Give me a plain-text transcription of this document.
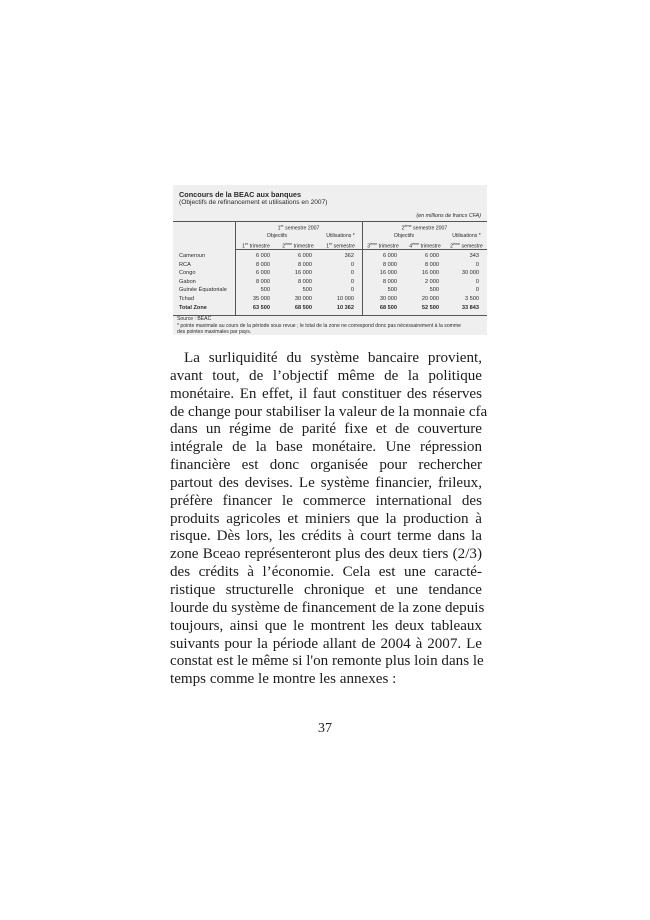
Concours de la BEAC aux banques
(Objectifs de refinancement et utilisations en 2007)
(en millions de francs CFA)
1er semestre 2007	2ème semestre 2007
Objectifs	Utilisations *	Objectifs	Utilisations *
1er trimestre	2ème trimestre	1er semestre	3ème trimestre	4ème trimestre	2ème semestre
Cameroun	6 000	6 000	362	6 000	6 000	343
RCA	8 000	8 000	0	8 000	8 000	0
Congo	6 000	16 000	0	16 000	16 000	30 000
Gabon	8 000	8 000	0	8 000	2 000	0
Guinée Équatoriale	500	500	0	500	500	0
Tchad	35 000	30 000	10 000	30 000	20 000	3 500
Total Zone	63 500	68 500	10 362	68 500	52 500	33 843
Source : BEAC
* pointe maximale au cours de la période sous revue ; le total de la zone ne correspond donc pas nécessairement à la somme
des pointes maximales par pays.
La surliquidité du système bancaire provient,
avant tout, de l’objectif même de la politique
monétaire. En effet, il faut constituer des réserves
de change pour stabiliser la valeur de la monnaie cfa
dans un régime de parité fixe et de couverture
intégrale de la base monétaire. Une répression
financière est donc organisée pour rechercher
partout des devises. Le système financier, frileux,
préfère financer le commerce international des
produits agricoles et miniers que la production à
risque. Dès lors, les crédits à court terme dans la
zone Bceao représenteront plus des deux tiers (2/3)
des crédits à l’économie. Cela est une caracté-
ristique structurelle chronique et une tendance
lourde du système de financement de la zone depuis
toujours, ainsi que le montrent les deux tableaux
suivants pour la période allant de 2004 à 2007. Le
constat est le même si l'on remonte plus loin dans le
temps comme le montre les annexes :
37
